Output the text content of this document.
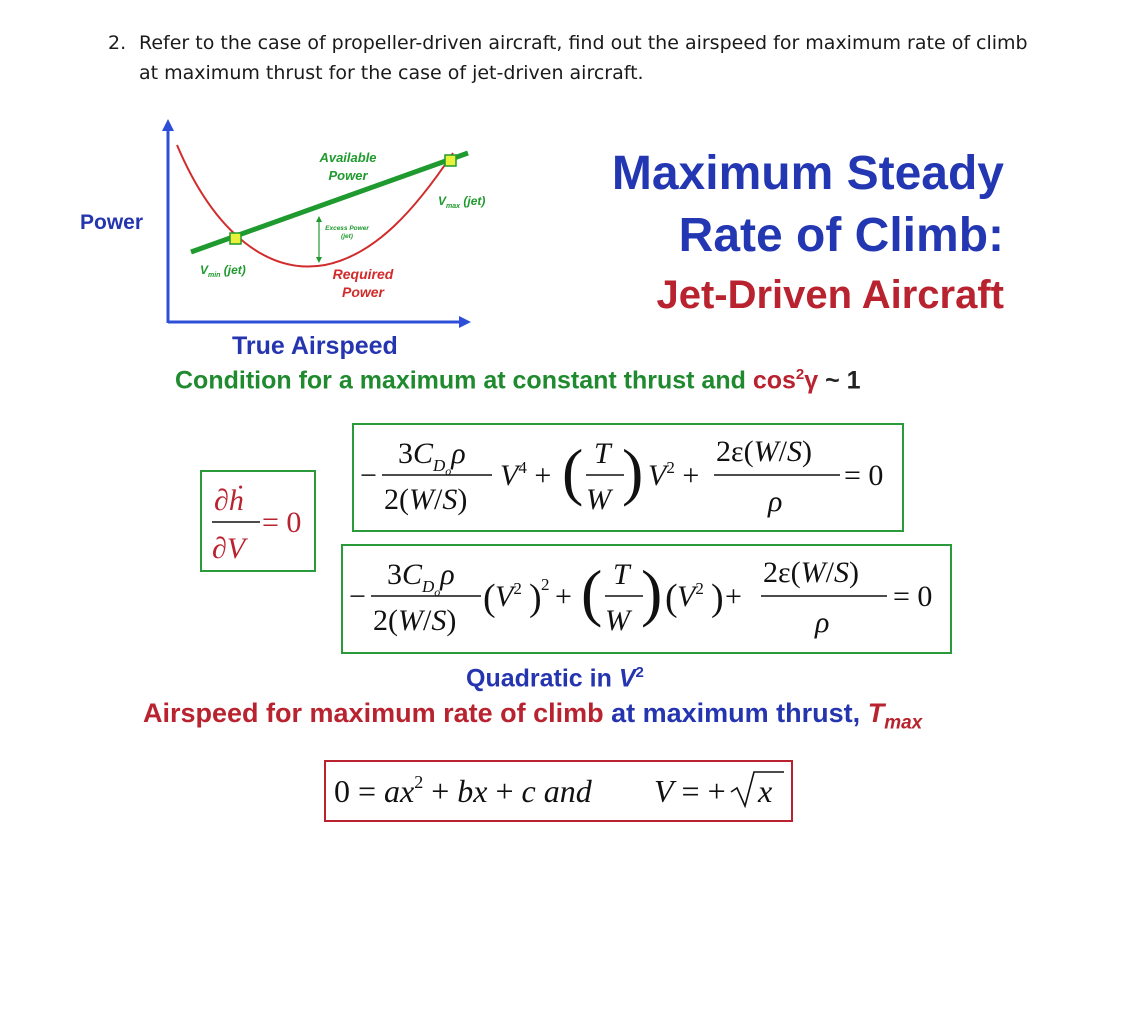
2. Refer to the case of propeller-driven aircraft, find out the airspeed for maximum rate of climb at maximum thrust for the case of jet-driven aircraft.
Power
Available
Power
Excess Power
(jet)
Required
Power
$V_{min}$ (jet)
$V_{max}$ (jet)
Maximum Steady
Rate of Climb:
Jet-Driven Aircraft
True Airspeed
Condition for a maximum at constant thrust and $\cos^2\gamma$ ~ 1
∂ḣ
∂V
= 0
−
$3C_Do\rho$
2(W/S)
$V^4$ + ( T
W ) $V^2$ +
2ε(W/S)
ρ
= 0
−
$3C_Do\rho$
2(W/S)
( $V^2$ ) 2 + ( T
W ) ( $V^2$ ) +
2ε(W/S)
ρ
= 0
Quadratic in $V^2$
Airspeed for maximum rate of climb at maximum thrust, $T_{max}$
$0 = ax^2$ + bx + c and V = + x
